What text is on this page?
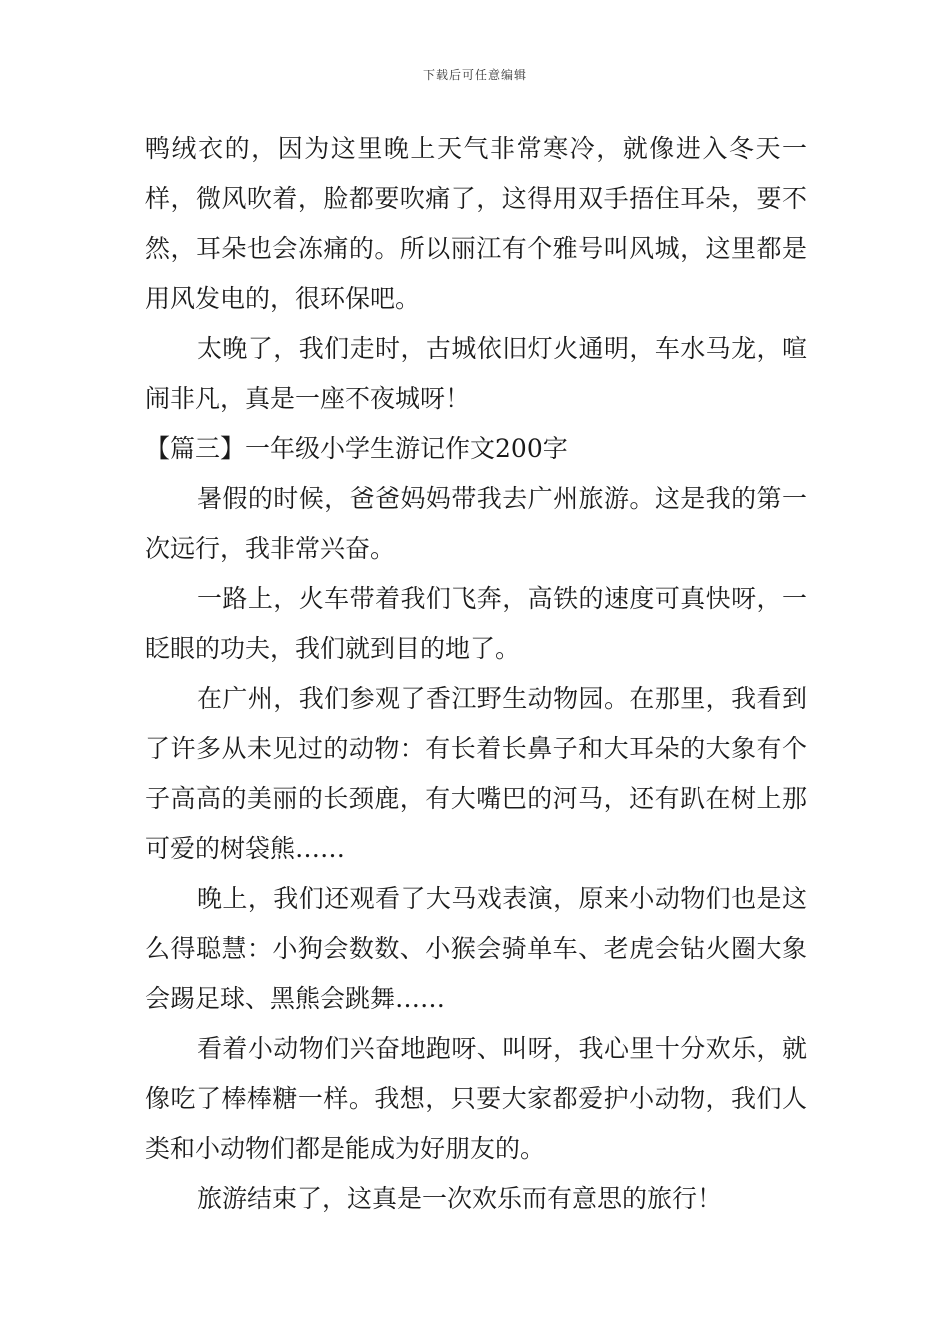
下载后可任意编辑

鸭绒衣的，因为这里晚上天气非常寒冷，就像进入冬天一样，微风吹着，脸都要吹痛了，这得用双手捂住耳朵，要不然，耳朵也会冻痛的。所以丽江有个雅号叫风城，这里都是用风发电的，很环保吧。

太晚了，我们走时，古城依旧灯火通明，车水马龙，喧闹非凡，真是一座不夜城呀！

【篇三】一年级小学生游记作文200字

暑假的时候，爸爸妈妈带我去广州旅游。这是我的第一次远行，我非常兴奋。

一路上，火车带着我们飞奔，高铁的速度可真快呀，一眨眼的功夫，我们就到目的地了。

在广州，我们参观了香江野生动物园。在那里，我看到了许多从未见过的动物：有长着长鼻子和大耳朵的大象有个子高高的美丽的长颈鹿，有大嘴巴的河马，还有趴在树上那可爱的树袋熊……

晚上，我们还观看了大马戏表演，原来小动物们也是这么得聪慧：小狗会数数、小猴会骑单车、老虎会钻火圈大象会踢足球、黑熊会跳舞……

看着小动物们兴奋地跑呀、叫呀，我心里十分欢乐，就像吃了棒棒糖一样。我想，只要大家都爱护小动物，我们人类和小动物们都是能成为好朋友的。

旅游结束了，这真是一次欢乐而有意思的旅行！
